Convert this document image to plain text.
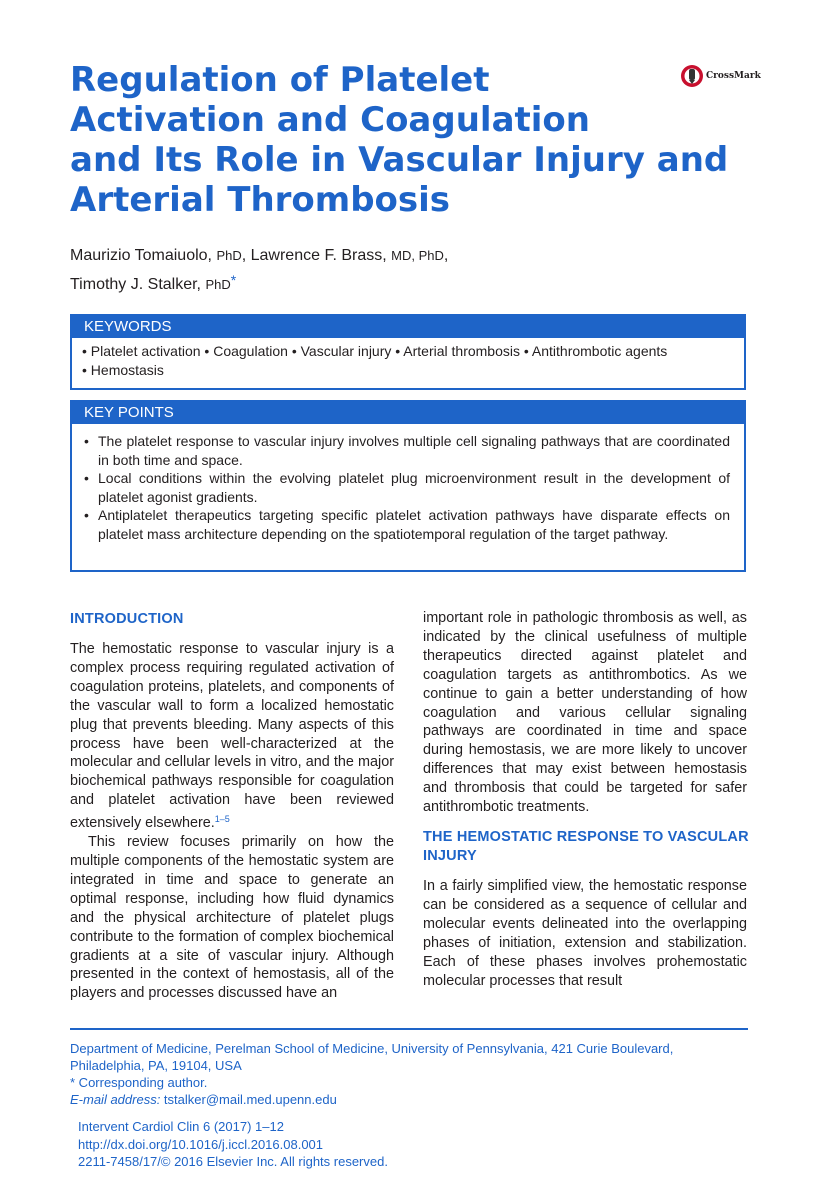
Regulation of Platelet
Activation and Coagulation
and Its Role in Vascular Injury and
Arterial Thrombosis
CrossMark
Maurizio Tomaiuolo, PhD, Lawrence F. Brass, MD, PhD,
Timothy J. Stalker, PhD*
KEYWORDS
• Platelet activation • Coagulation • Vascular injury • Arterial thrombosis • Antithrombotic agents
• Hemostasis
KEY POINTS
• The platelet response to vascular injury involves multiple cell signaling pathways that are coordinated in both time and space.
• Local conditions within the evolving platelet plug microenvironment result in the development of platelet agonist gradients.
• Antiplatelet therapeutics targeting specific platelet activation pathways have disparate effects on platelet mass architecture depending on the spatiotemporal regulation of the target pathway.
INTRODUCTION

The hemostatic response to vascular injury is a complex process requiring regulated activation of coagulation proteins, platelets, and components of the vascular wall to form a localized hemostatic plug that prevents bleeding. Many aspects of this process have been well-characterized at the molecular and cellular levels in vitro, and the major biochemical pathways responsible for coagulation and platelet activation have been reviewed extensively elsewhere.$^{1-5}$

This review focuses primarily on how the multiple components of the hemostatic system are integrated in time and space to generate an optimal response, including how fluid dynamics and the physical architecture of platelet plugs contribute to the formation of complex biochemical gradients at a site of vascular injury. Although presented in the context of hemostasis, all of the players and processes discussed have an

important role in pathologic thrombosis as well, as indicated by the clinical usefulness of multiple therapeutics directed against platelet and coagulation targets as antithrombotics. As we continue to gain a better understanding of how coagulation and various cellular signaling pathways are coordinated in time and space during hemostasis, we are more likely to uncover differences that may exist between hemostasis and thrombosis that could be targeted for safer antithrombotic treatments.

THE HEMOSTATIC RESPONSE TO VASCULAR INJURY

In a fairly simplified view, the hemostatic response can be considered as a sequence of cellular and molecular events delineated into the overlapping phases of initiation, extension and stabilization. Each of these phases involves prohemostatic molecular processes that result

Department of Medicine, Perelman School of Medicine, University of Pennsylvania, 421 Curie Boulevard, Philadelphia, PA, 19104, USA
* Corresponding author.
E-mail address: tstalker@mail.med.upenn.edu
Intervent Cardiol Clin 6 (2017) 1–12
http://dx.doi.org/10.1016/j.iccl.2016.08.001
2211-7458/17/© 2016 Elsevier Inc. All rights reserved.
